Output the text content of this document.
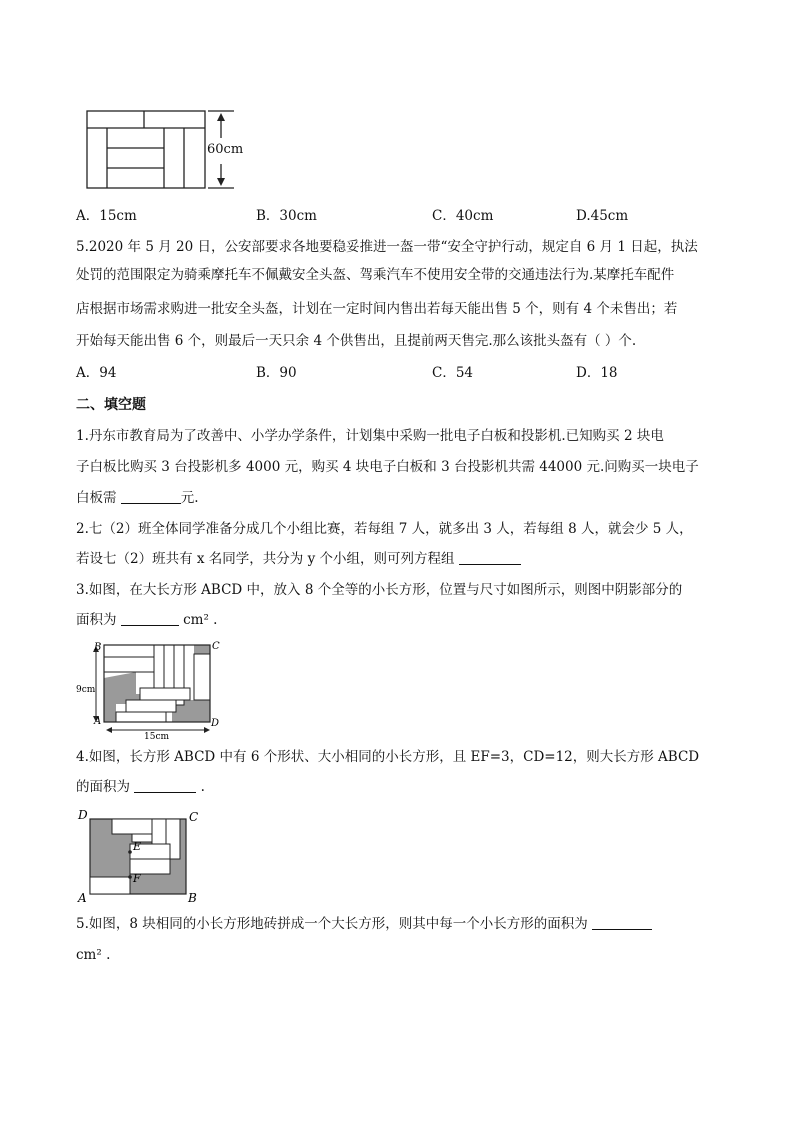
60cm
A．15cm	B．30cm	C．40cm	D.45cm
5.2020 年 5 月 20 日，公安部要求各地要稳妥推进一盔一带“安全守护行动，规定自 6 月 1 日起，执法
处罚的范围限定为骑乘摩托车不佩戴安全头盔、驾乘汽车不使用安全带的交通违法行为.某摩托车配件
店根据市场需求购进一批安全头盔，计划在一定时间内售出若每天能出售 5 个，则有 4 个未售出；若
开始每天能出售 6 个，则最后一天只余 4 个供售出，且提前两天售完.那么该批头盔有（ ）个.
A．94	B．90	C．54	D．18
二、填空题
1.丹东市教育局为了改善中、小学办学条件，计划集中采购一批电子白板和投影机.已知购买 2 块电
子白板比购买 3 台投影机多 4000 元，购买 4 块电子白板和 3 台投影机共需 44000 元.问购买一块电子
白板需	元.
2.七（2）班全体同学准备分成几个小组比赛，若每组 7 人，就多出 3 人，若每组 8 人，就会少 5 人，
若设七（2）班共有 x 名同学，共分为 y 个小组，则可列方程组
3.如图，在大长方形 ABCD 中，放入 8 个全等的小长方形，位置与尺寸如图所示，则图中阴影部分的
面积为	cm² .
B	C
A	D
9cm
15cm
4.如图，长方形 ABCD 中有 6 个形状、大小相同的小长方形，且 EF=3，CD=12，则大长方形 ABCD
的面积为	.
D	C
A	B
E
F
5.如图，8 块相同的小长方形地砖拼成一个大长方形，则其中每一个小长方形的面积为
cm² .
